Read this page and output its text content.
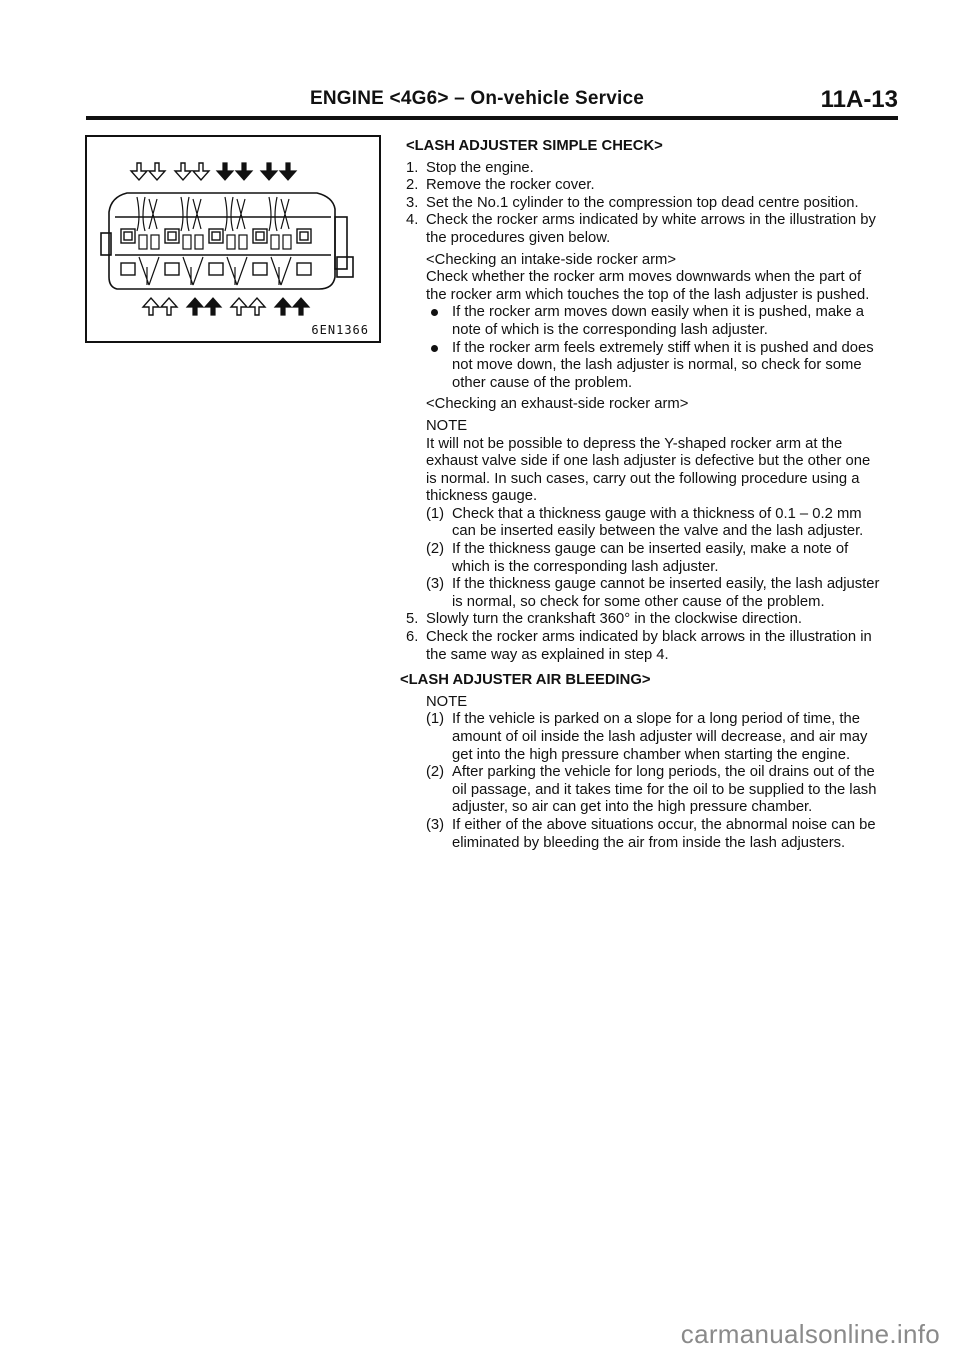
ENGINE <4G6> – On-vehicle Service	11A-13
6EN1366
<LASH ADJUSTER SIMPLE CHECK>
1. Stop the engine.
2. Remove the rocker cover.
3. Set the No.1 cylinder to the compression top dead centre position.
4. Check the rocker arms indicated by white arrows in the illustration by the procedures given below.
<Checking an intake-side rocker arm>
Check whether the rocker arm moves downwards when the part of the rocker arm which touches the top of the lash adjuster is pushed.
If the rocker arm moves down easily when it is pushed, make a note of which is the corresponding lash adjuster.
If the rocker arm feels extremely stiff when it is pushed and does not move down, the lash adjuster is normal, so check for some other cause of the problem.
<Checking an exhaust-side rocker arm>
NOTE
It will not be possible to depress the Y-shaped rocker arm at the exhaust valve side if one lash adjuster is defective but the other one is normal. In such cases, carry out the following procedure using a thickness gauge.
(1) Check that a thickness gauge with a thickness of 0.1 – 0.2 mm can be inserted easily between the valve and the lash adjuster.
(2) If the thickness gauge can be inserted easily, make a note of which is the corresponding lash adjuster.
(3) If the thickness gauge cannot be inserted easily, the lash adjuster is normal, so check for some other cause of the problem.
5. Slowly turn the crankshaft 360° in the clockwise direction.
6. Check the rocker arms indicated by black arrows in the illustration in the same way as explained in step 4.
<LASH ADJUSTER AIR BLEEDING>
NOTE
(1) If the vehicle is parked on a slope for a long period of time, the amount of oil inside the lash adjuster will decrease, and air may get into the high pressure chamber when starting the engine.
(2) After parking the vehicle for long periods, the oil drains out of the oil passage, and it takes time for the oil to be supplied to the lash adjuster, so air can get into the high pressure chamber.
(3) If either of the above situations occur, the abnormal noise can be eliminated by bleeding the air from inside the lash adjusters.
carmanualsonline.info
